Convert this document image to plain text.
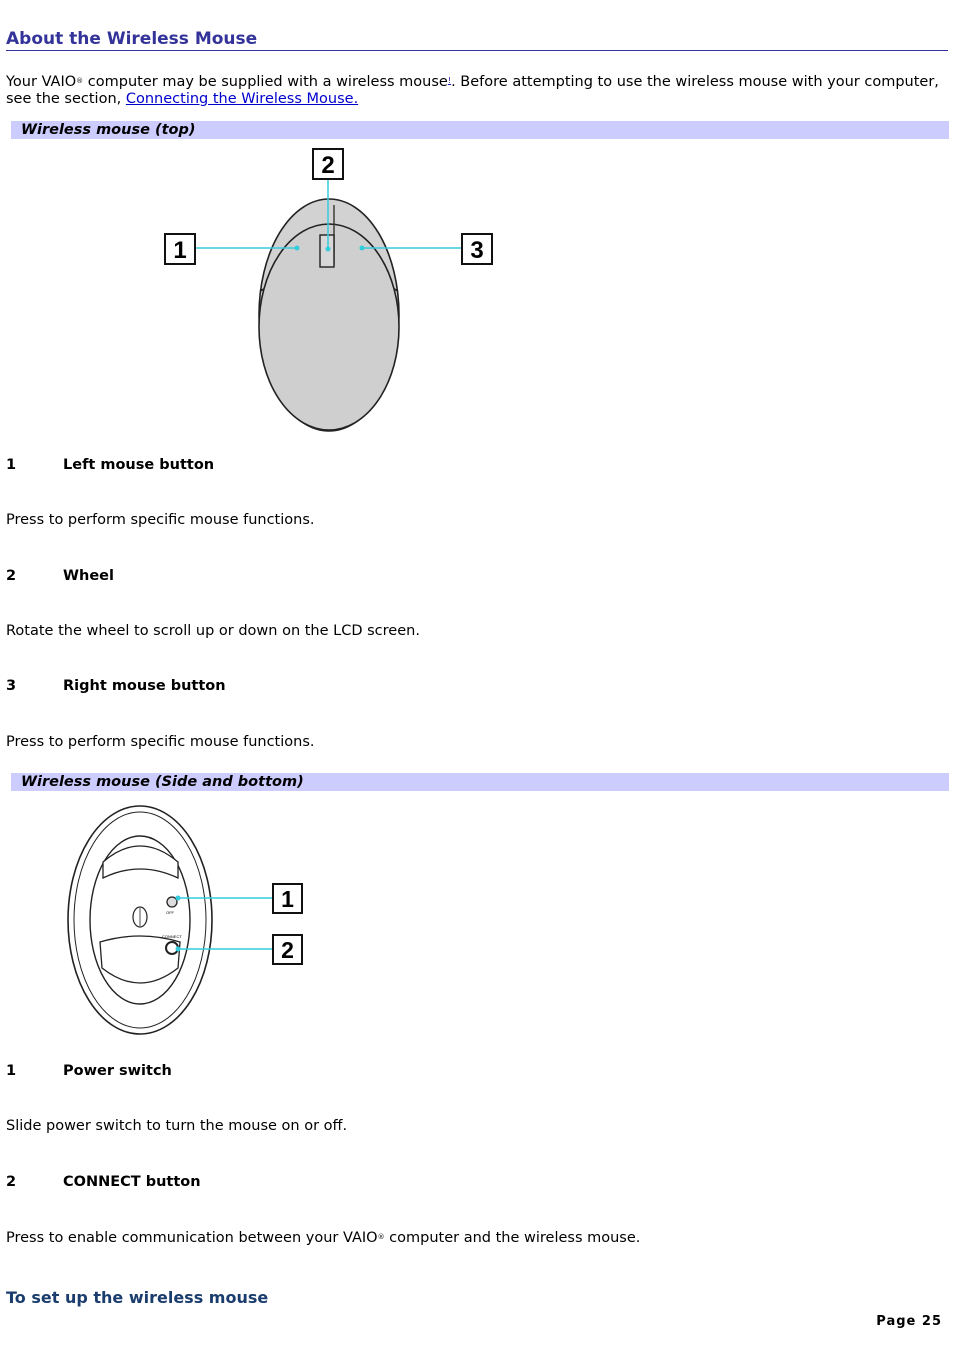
About the Wireless Mouse
Your VAIO® computer may be supplied with a wireless mouse!. Before attempting to use the wireless mouse with your computer, see the section, Connecting the Wireless Mouse.
Wireless mouse (top)
1
2
3
1	Left mouse button
Press to perform specific mouse functions.
2	Wheel
Rotate the wheel to scroll up or down on the LCD screen.
3	Right mouse button
Press to perform specific mouse functions.
Wireless mouse (Side and bottom)
OFF
CONNECT
1
2
1	Power switch
Slide power switch to turn the mouse on or off.
2	CONNECT button
Press to enable communication between your VAIO® computer and the wireless mouse.
To set up the wireless mouse
Page 25
